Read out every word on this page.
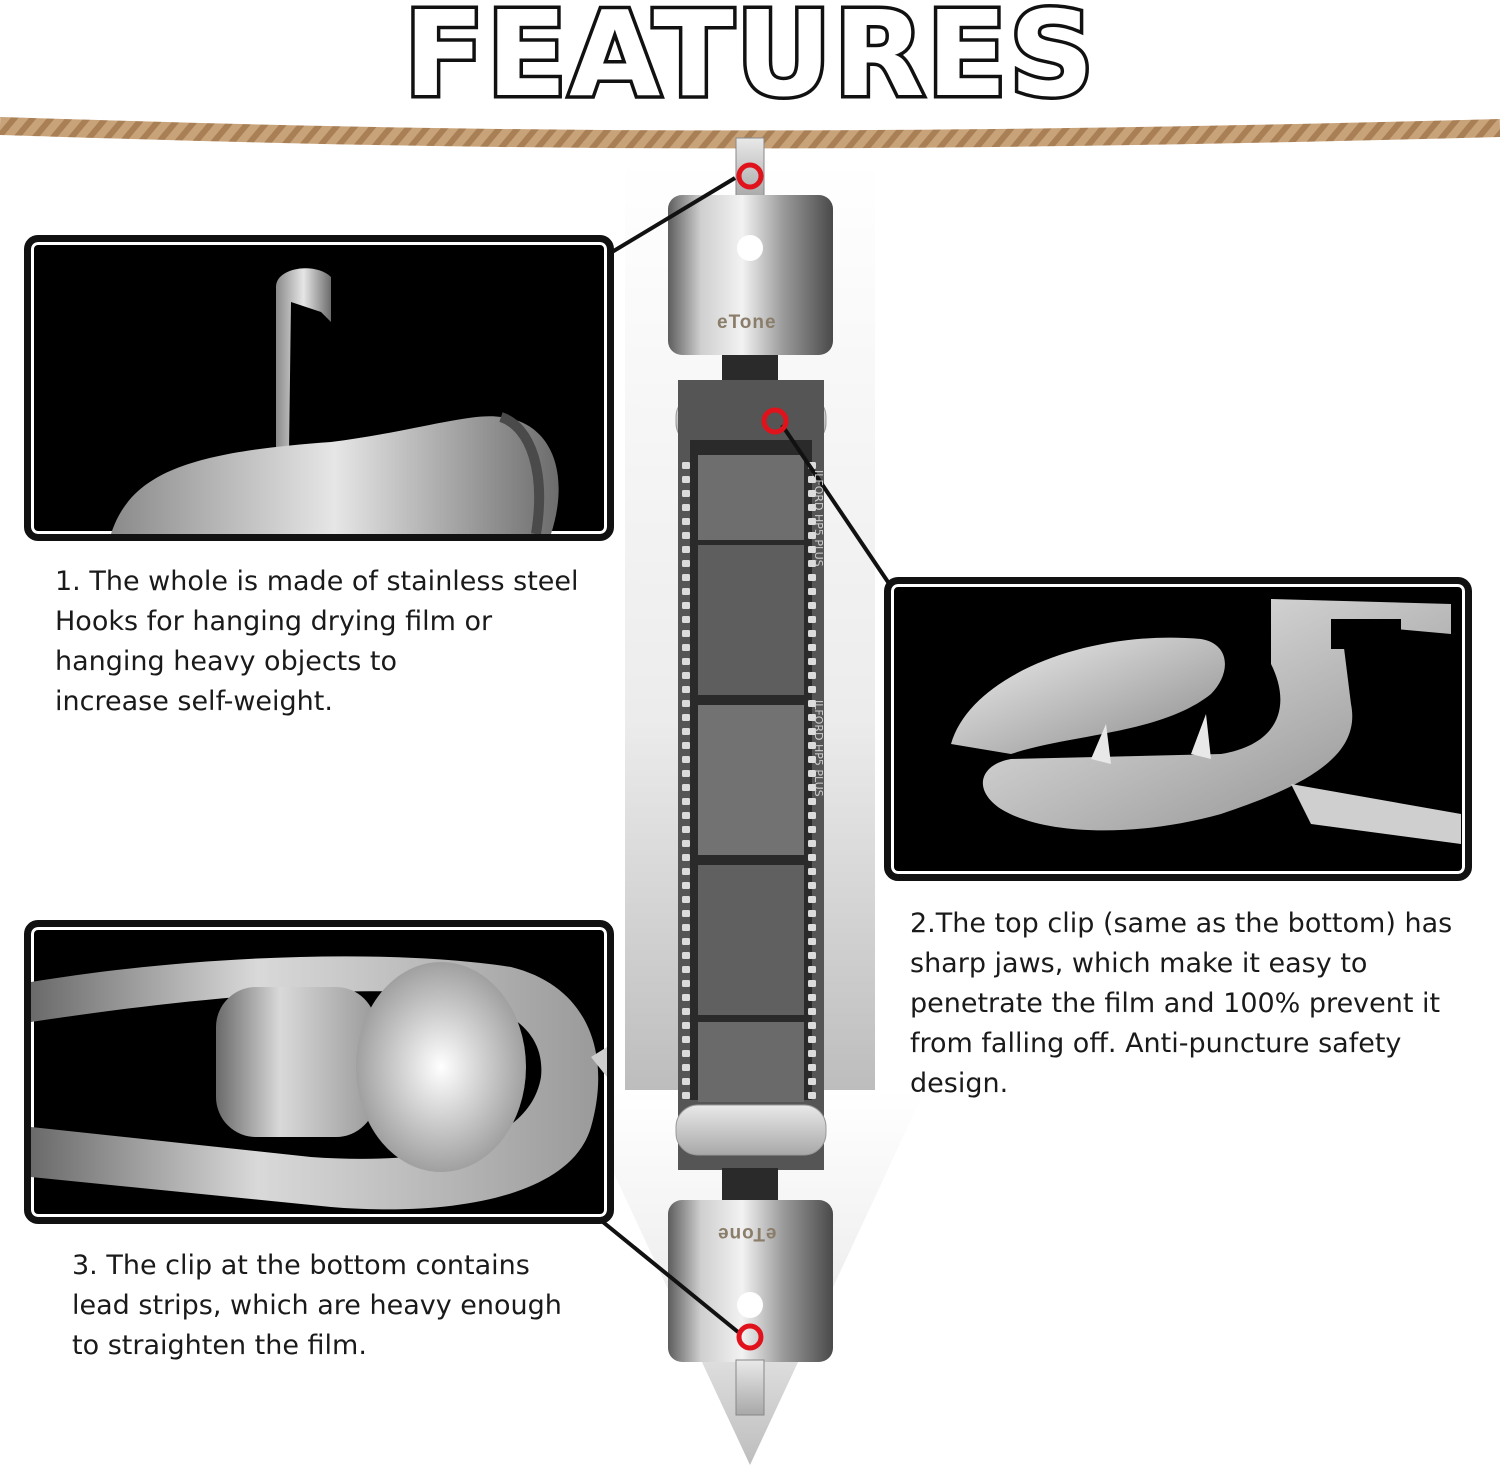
eTone
eTone
FEATURES

1. The whole is made of stainless steel

Hooks for hanging drying film or

hanging heavy objects to

increase self-weight.

2.The top clip (same as the bottom) has

sharp jaws, which make it easy to

penetrate the film and 100% prevent it

from falling off. Anti-puncture safety

design.

3. The clip at the bottom contains

lead strips, which are heavy enough

to straighten the film.

ILFORD HP5 PLUS
ILFORD HP5 PLUS
